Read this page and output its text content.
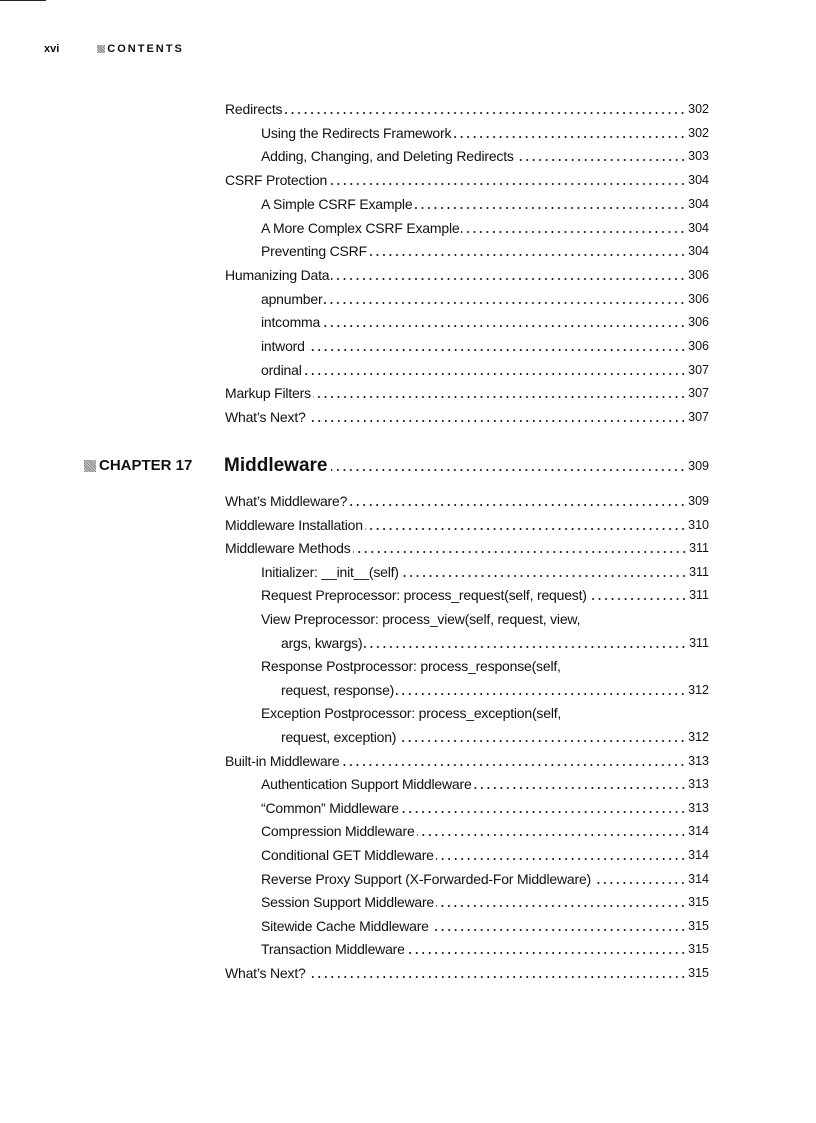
xvi	CONTENTS
Redirects	302
Using the Redirects Framework	302
Adding, Changing, and Deleting Redirects	303
CSRF Protection	304
A Simple CSRF Example	304
A More Complex CSRF Example	304
Preventing CSRF	304
Humanizing Data	306
apnumber	306
intcomma	306
intword	306
ordinal	307
Markup Filters	307
What’s Next?	307
CHAPTER 17 Middleware	309
What’s Middleware?	309
Middleware Installation	310
Middleware Methods	311
Initializer: __init__(self)	311
Request Preprocessor: process_request(self, request)	311
View Preprocessor: process_view(self, request, view,
args, kwargs)	311
Response Postprocessor: process_response(self,
request, response)	312
Exception Postprocessor: process_exception(self,
request, exception)	312
Built-in Middleware	313
Authentication Support Middleware	313
“Common” Middleware	313
Compression Middleware	314
Conditional GET Middleware	314
Reverse Proxy Support (X-Forwarded-For Middleware)	314
Session Support Middleware	315
Sitewide Cache Middleware	315
Transaction Middleware	315
What’s Next?	315
